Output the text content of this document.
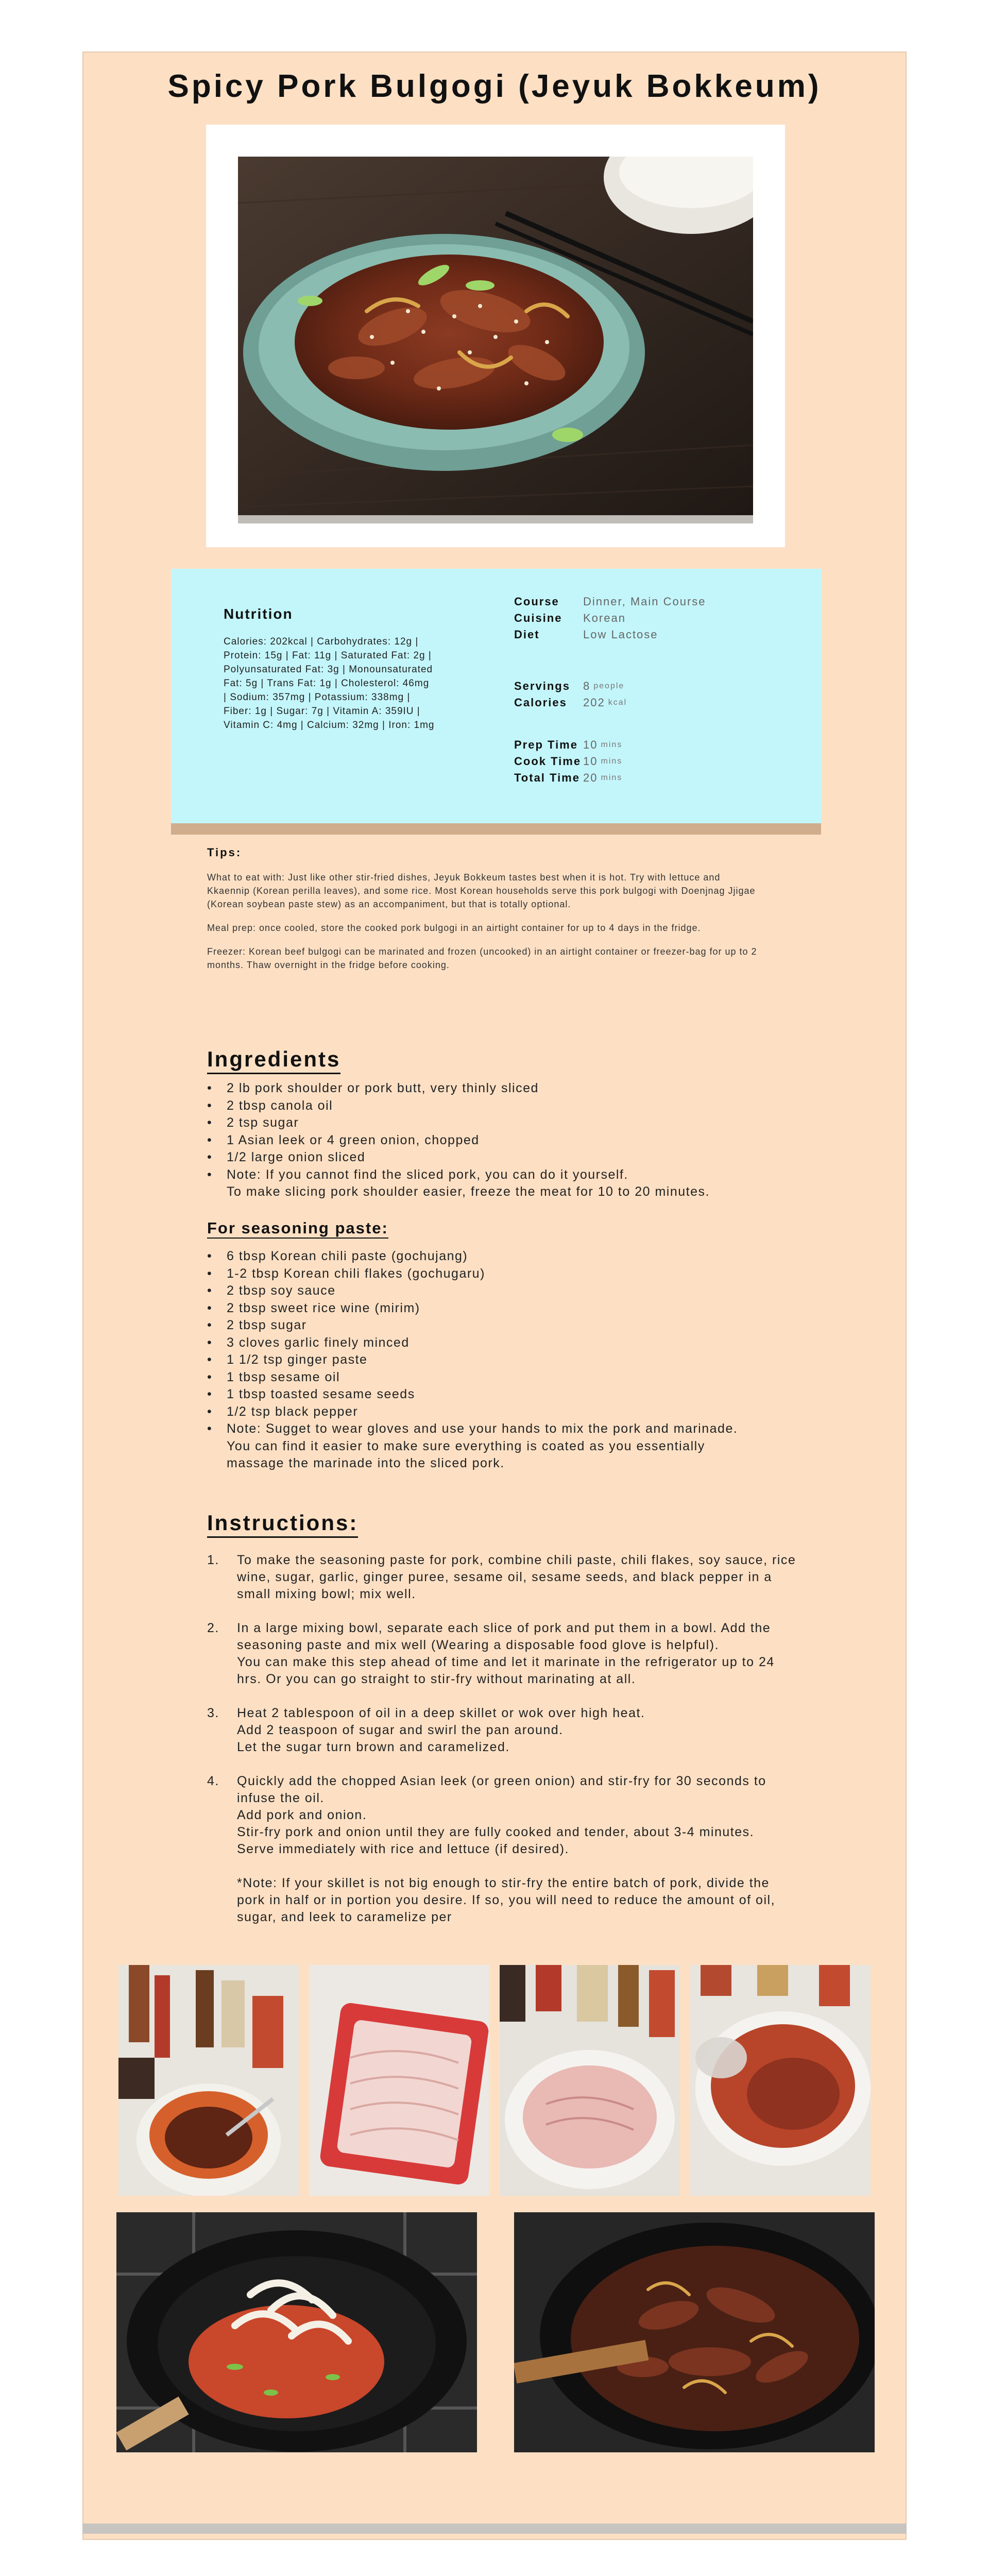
Spicy Pork Bulgogi (Jeyuk Bokkeum)
Nutrition
Calories: 202kcal | Carbohydrates: 12g | Protein: 15g | Fat: 11g | Saturated Fat: 2g | Polyunsaturated Fat: 3g | Monounsaturated Fat: 5g | Trans Fat: 1g | Cholesterol: 46mg | Sodium: 357mg | Potassium: 338mg | Fiber: 1g | Sugar: 7g | Vitamin A: 359IU | Vitamin C: 4mg | Calcium: 32mg | Iron: 1mg
Course	Dinner, Main Course
Cuisine	Korean
Diet	Low Lactose
Servings	8 people
Calories	202 kcal
Prep Time 10 mins
Cook Time 10 mins
Total Time 20 mins
Tips:

What to eat with: Just like other stir-fried dishes, Jeyuk Bokkeum tastes best when it is hot. Try with lettuce and Kkaennip (Korean perilla leaves), and some rice. Most Korean households serve this pork bulgogi with Doenjnag Jjigae (Korean soybean paste stew) as an accompaniment, but that is totally optional.

Meal prep: once cooled, store the cooked pork bulgogi in an airtight container for up to 4 days in the fridge.

Freezer: Korean beef bulgogi can be marinated and frozen (uncooked) in an airtight container or freezer-bag for up to 2 months. Thaw overnight in the fridge before cooking.

Ingredients
• 2 lb pork shoulder or pork butt, very thinly sliced
• 2 tbsp canola oil
• 2 tsp sugar
• 1 Asian leek or 4 green onion, chopped
• 1/2 large onion sliced
• Note: If you cannot find the sliced pork, you can do it yourself.
To make slicing pork shoulder easier, freeze the meat for 10 to 20 minutes.
For seasoning paste:
• 6 tbsp Korean chili paste (gochujang)
• 1-2 tbsp Korean chili flakes (gochugaru)
• 2 tbsp soy sauce
• 2 tbsp sweet rice wine (mirim)
• 2 tbsp sugar
• 3 cloves garlic finely minced
• 1 1/2 tsp ginger paste
• 1 tbsp sesame oil
• 1 tbsp toasted sesame seeds
• 1/2 tsp black pepper
• Note: Sugget to wear gloves and use your hands to mix the pork and marinade. You can find it easier to make sure everything is coated as you essentially massage the marinade into the sliced pork.
Instructions:
1. To make the seasoning paste for pork, combine chili paste, chili flakes, soy sauce, rice wine, sugar, garlic, ginger puree, sesame oil, sesame seeds, and black pepper in a small mixing bowl; mix well.
2. In a large mixing bowl, separate each slice of pork and put them in a bowl. Add the seasoning paste and mix well (Wearing a disposable food glove is helpful).
You can make this step ahead of time and let it marinate in the refrigerator up to 24 hrs. Or you can go straight to stir-fry without marinating at all.
3. Heat 2 tablespoon of oil in a deep skillet or wok over high heat.
Add 2 teaspoon of sugar and swirl the pan around.
Let the sugar turn brown and caramelized.
4. Quickly add the chopped Asian leek (or green onion) and stir-fry for 30 seconds to infuse the oil.
Add pork and onion.
Stir-fry pork and onion until they are fully cooked and tender, about 3-4 minutes.
Serve immediately with rice and lettuce (if desired).
*Note: If your skillet is not big enough to stir-fry the entire batch of pork, divide the pork in half or in portion you desire. If so, you will need to reduce the amount of oil, sugar, and leek to caramelize per
